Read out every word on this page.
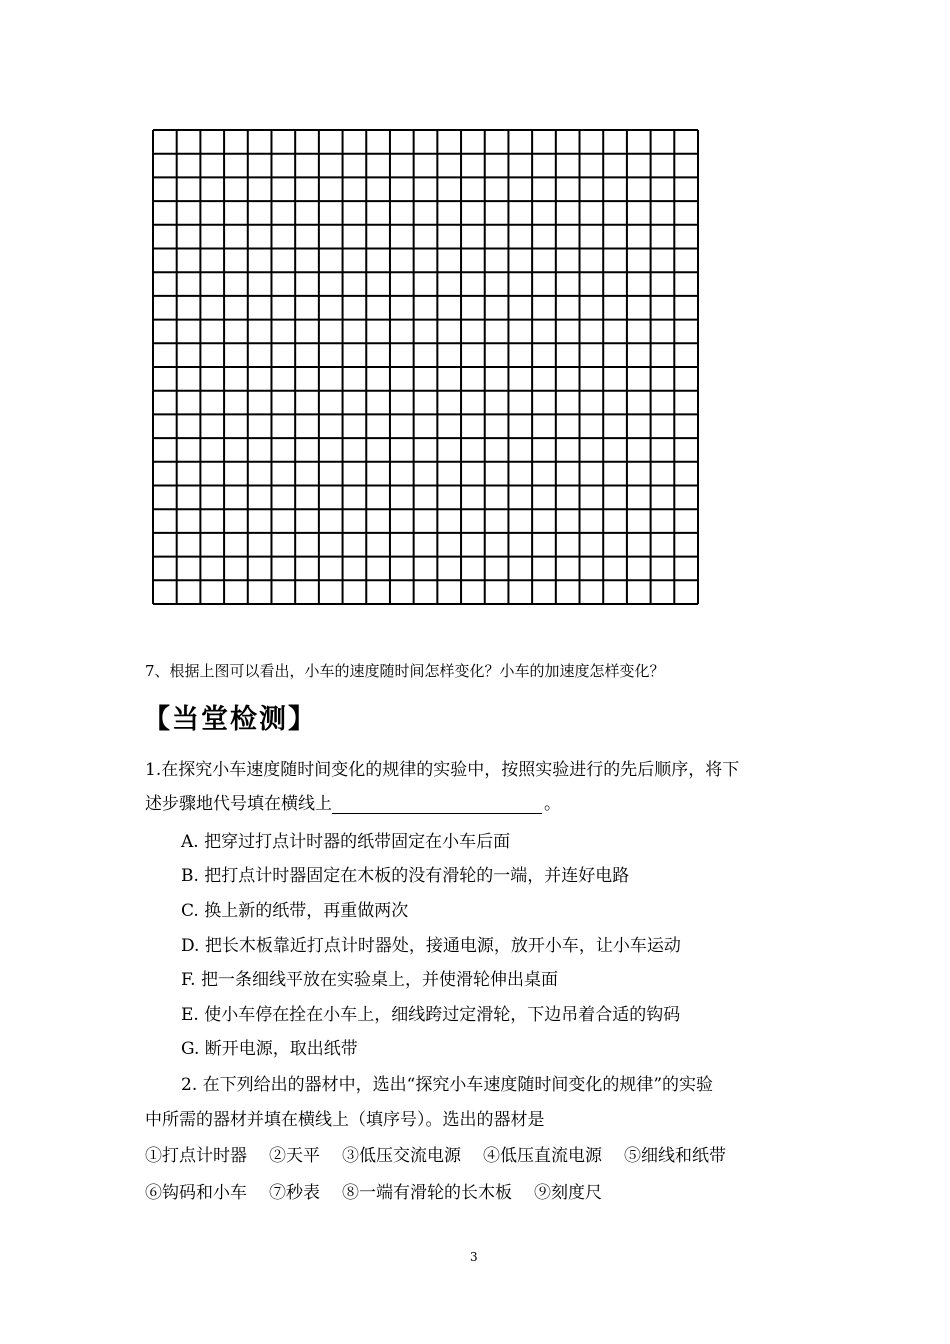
7、根据上图可以看出，小车的速度随时间怎样变化？小车的加速度怎样变化？
【当堂检测】
1.在探究小车速度随时间变化的规律的实验中，按照实验进行的先后顺序，将下
述步骤地代号填在横线上	。
A. 把穿过打点计时器的纸带固定在小车后面
B. 把打点计时器固定在木板的没有滑轮的一端，并连好电路
C. 换上新的纸带，再重做两次
D. 把长木板靠近打点计时器处，接通电源，放开小车，让小车运动
F. 把一条细线平放在实验桌上，并使滑轮伸出桌面
E. 使小车停在拴在小车上，细线跨过定滑轮，下边吊着合适的钩码
G. 断开电源，取出纸带
2. 在下列给出的器材中，选出“探究小车速度随时间变化的规律”的实验
中所需的器材并填在横线上（填序号）。选出的器材是
①打点计时器 ②天平 ③低压交流电源 ④低压直流电源 ⑤细线和纸带
⑥钩码和小车 ⑦秒表 ⑧一端有滑轮的长木板 ⑨刻度尺
3
